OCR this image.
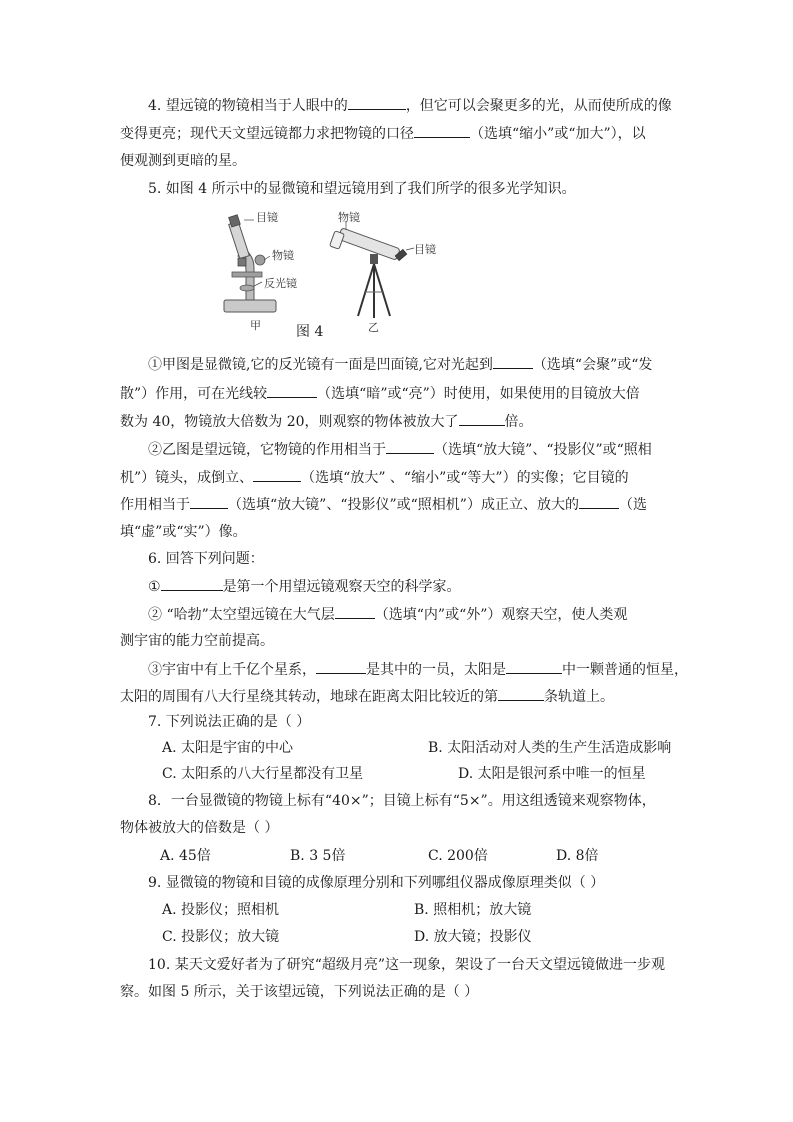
4. 望远镜的物镜相当于人眼中的	，但它可以会聚更多的光，从而使所成的像
变得更亮；现代天文望远镜都力求把物镜的口径	（选填“缩小”或“加大”），以
便观测到更暗的星。
5. 如图 4 所示中的显微镜和望远镜用到了我们所学的很多光学知识。
目镜
物镜
反光镜
甲
物镜
目镜
乙
图 4
①甲图是显微镜,它的反光镜有一面是凹面镜,它对光起到	（选填“会聚”或“发
散”）作用，可在光线较	（选填“暗”或“亮”）时使用，如果使用的目镜放大倍
数为 40，物镜放大倍数为 20，则观察的物体被放大了	倍。
②乙图是望远镜，它物镜的作用相当于	（选填“放大镜”、“投影仪”或“照相
机”）镜头，成倒立、	（选填“放大” 、“缩小”或“等大”）的实像；它目镜的
作用相当于	（选填“放大镜”、“投影仪”或“照相机”）成正立、放大的	（选
填“虚”或“实”）像。
6. 回答下列问题：
①	是第一个用望远镜观察天空的科学家。
② “哈勃”太空望远镜在大气层	（选填“内”或“外”）观察天空，使人类观
测宇宙的能力空前提高。
③宇宙中有上千亿个星系，	是其中的一员，太阳是	中一颗普通的恒星，
太阳的周围有八大行星绕其转动，地球在距离太阳比较近的第	条轨道上。
7. 下列说法正确的是（ ）
A. 太阳是宇宙的中心	B. 太阳活动对人类的生产生活造成影响
C. 太阳系的八大行星都没有卫星	D. 太阳是银河系中唯一的恒星
8．一台显微镜的物镜上标有“40×”；目镜上标有“5×”。用这组透镜来观察物体，
物体被放大的倍数是（ ）
A. 45倍	B. 3 5倍	C. 200倍	D. 8倍
9. 显微镜的物镜和目镜的成像原理分别和下列哪组仪器成像原理类似（ ）
A. 投影仪；照相机	B. 照相机；放大镜
C. 投影仪；放大镜	D. 放大镜；投影仪
10. 某天文爱好者为了研究“超级月亮”这一现象，架设了一台天文望远镜做进一步观
察。如图 5 所示，关于该望远镜，下列说法正确的是（ ）
